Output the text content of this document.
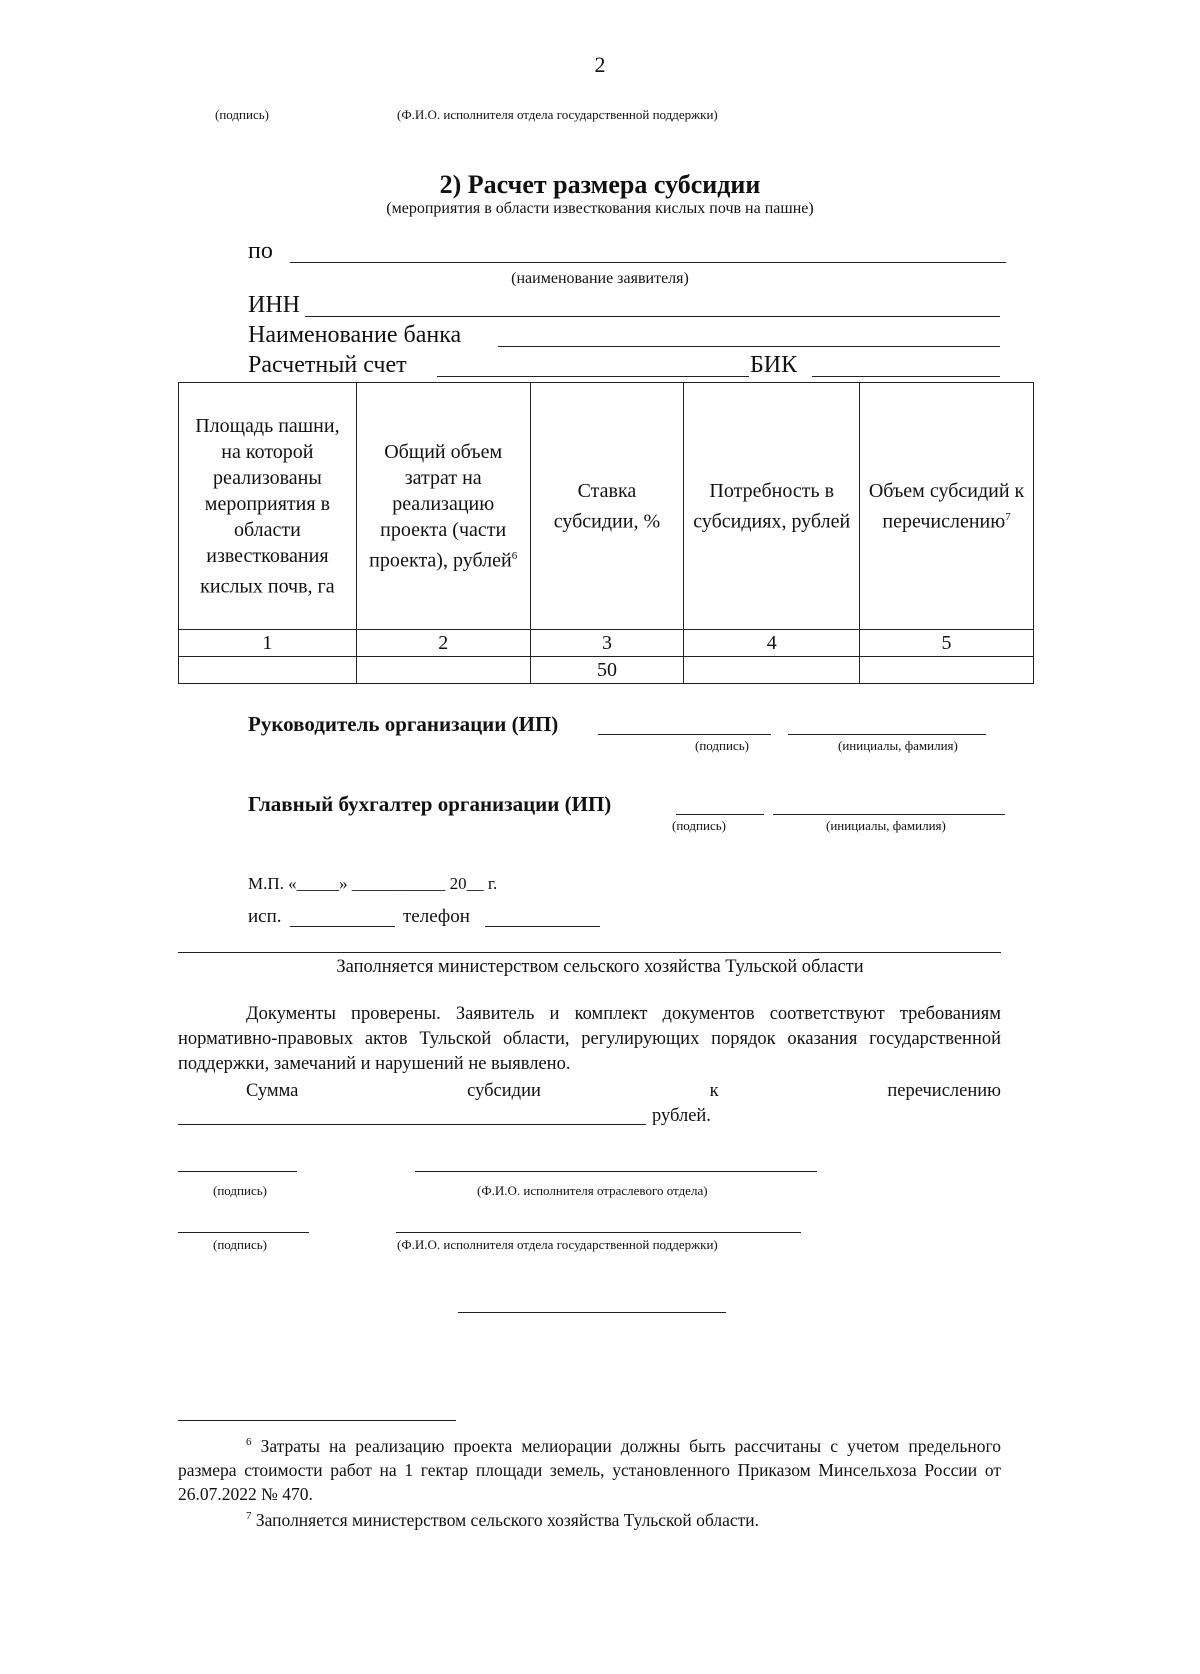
2
(подпись)	(Ф.И.О. исполнителя отдела государственной поддержки)
2) Расчет размера субсидии
(мероприятия в области известкования кислых почв на пашне)
по
(наименование заявителя)
ИНН
Наименование банка
Расчетный счет	БИК
Площадь пашни, на которой реализованы мероприятия в области известкования кислых почв, га	Общий объем затрат на реализацию проекта (части проекта), рублей$^6$	Ставка субсидии, %	Потребность в субсидиях, рублей	Объем субсидий к перечислению$^7$
1	2	3	4	5
		50		
Руководитель организации (ИП)
(подпись)	(инициалы, фамилия)
Главный бухгалтер организации (ИП)
(подпись)	(инициалы, фамилия)
М.П. «_____» ___________ 20__ г.
исп.	телефон
Заполняется министерством сельского хозяйства Тульской области
Документы проверены. Заявитель и комплект документов соответствуют требованиям нормативно-правовых актов Тульской области, регулирующих порядок оказания государственной поддержки, замечаний и нарушений не выявлено.
Сумма субсидии к перечислению
рублей.
(подпись)	(Ф.И.О. исполнителя отраслевого отдела)
(подпись)	(Ф.И.О. исполнителя отдела государственной поддержки)
$^6$ Затраты на реализацию проекта мелиорации должны быть рассчитаны с учетом предельного размера стоимости работ на 1 гектар площади земель, установленного Приказом Минсельхоза России от 26.07.2022 № 470.
$^7$ Заполняется министерством сельского хозяйства Тульской области.
